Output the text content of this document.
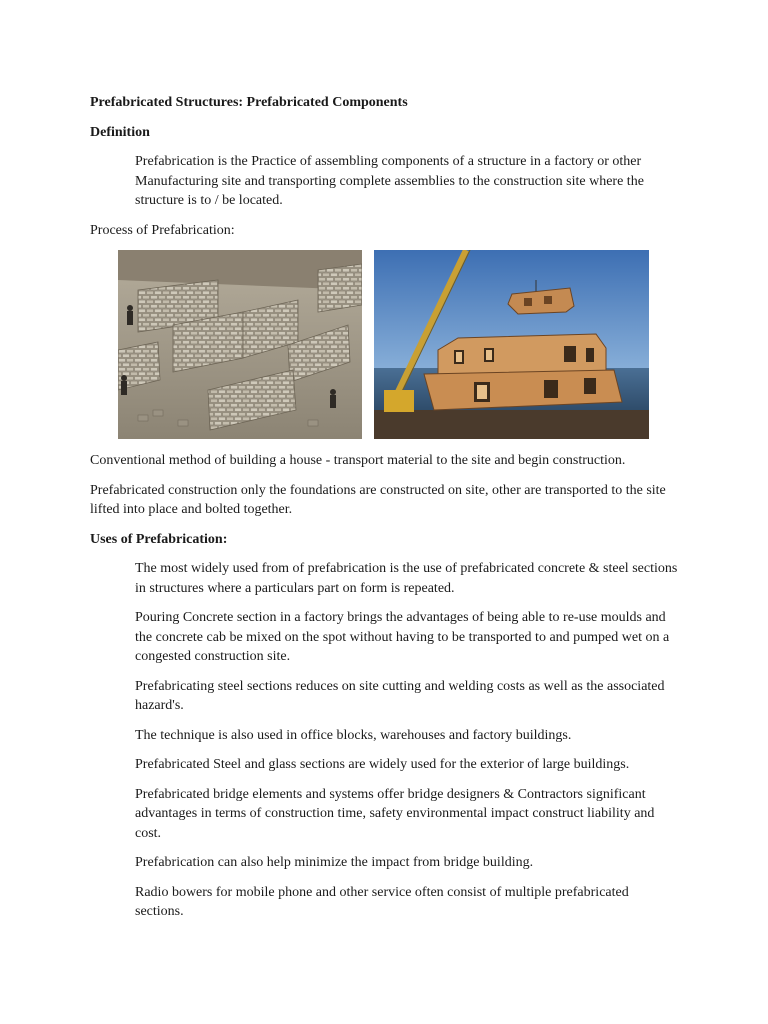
Prefabricated Structures: Prefabricated Components
Definition

Prefabrication is the Practice of assembling components of a structure in a factory or other Manufacturing site and transporting complete assemblies to the construction site where the structure is to / be located.

Process of Prefabrication:

Conventional method of building a house - transport material to the site and begin construction.

Prefabricated construction only the foundations are constructed on site, other are transported to the site lifted into place and bolted together.

Uses of Prefabrication:

The most widely used from of prefabrication is the use of prefabricated concrete & steel sections in structures where a particulars part on form is repeated.

Pouring Concrete section in a factory brings the advantages of being able to re-use moulds and the concrete cab be mixed on the spot without having to be transported to and pumped wet on a congested construction site.

Prefabricating steel sections reduces on site cutting and welding costs as well as the associated hazard's.

The technique is also used in office blocks, warehouses and factory buildings.

Prefabricated Steel and glass sections are widely used for the exterior of large buildings.

Prefabricated bridge elements and systems offer bridge designers & Contractors significant advantages in terms of construction time, safety environmental impact construct liability and cost.

Prefabrication can also help minimize the impact from bridge building.

Radio bowers for mobile phone and other service often consist of multiple prefabricated sections.
